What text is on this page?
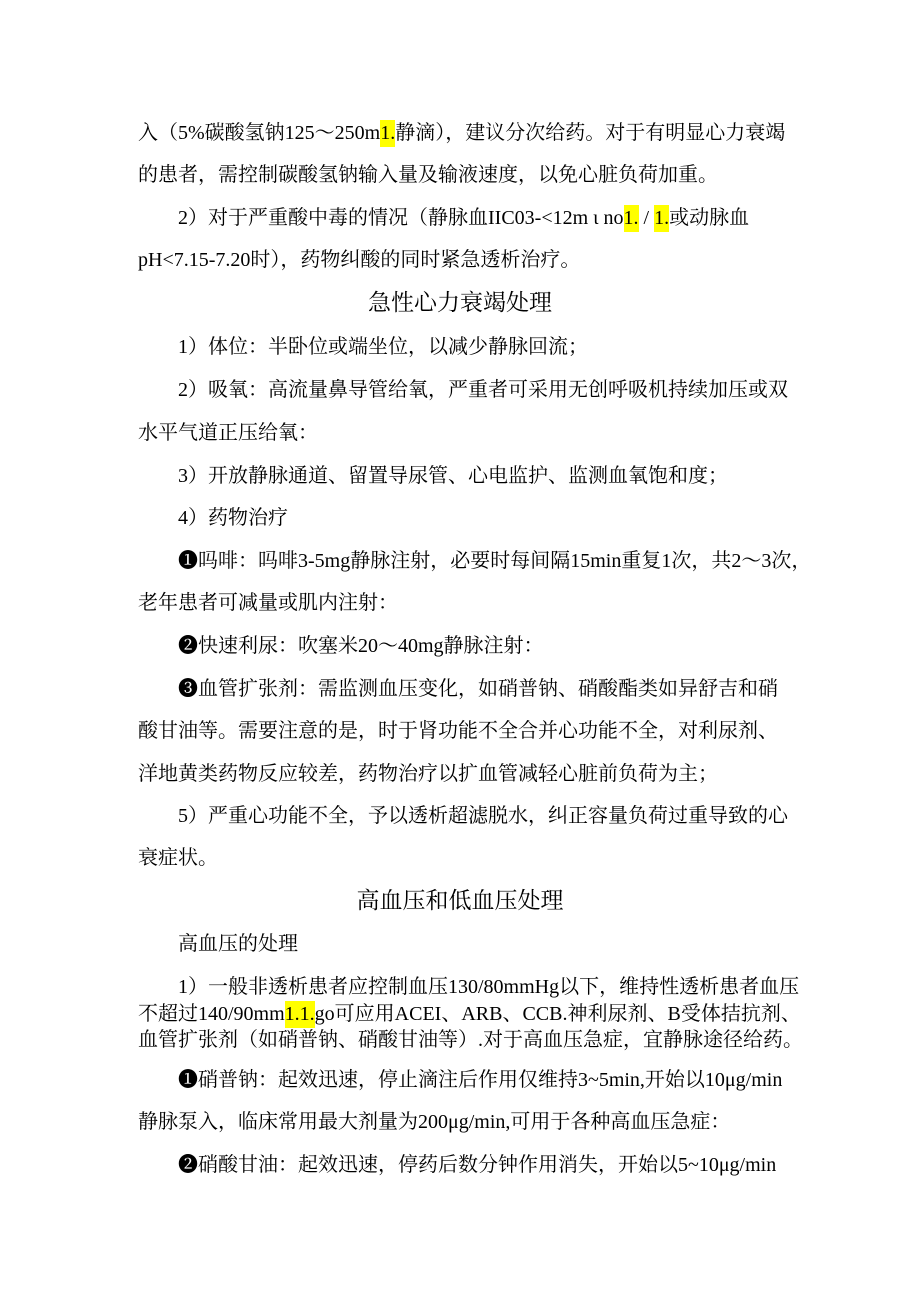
入（5%碳酸氢钠125～250m1.静滴），建议分次给药。对于有明显心力衰竭
的患者，需控制碳酸氢钠输入量及输液速度，以免心脏负荷加重。
2）对于严重酸中毒的情况（静脉血IIC03-<12m ι no1. / 1.或动脉血
pH<7.15-7.20时），药物纠酸的同时紧急透析治疗。
急性心力衰竭处理
1）体位：半卧位或端坐位，以减少静脉回流；
2）吸氧：高流量鼻导管给氧，严重者可采用无创呼吸机持续加压或双
水平气道正压给氧：
3）开放静脉通道、留置导尿管、心电监护、监测血氧饱和度；
4）药物治疗
❶吗啡：吗啡3-5mg静脉注射，必要时每间隔15min重复1次，共2～3次，
老年患者可减量或肌内注射：
❷快速利尿：吹塞米20～40mg静脉注射：
❸血管扩张剂：需监测血压变化，如硝普钠、硝酸酯类如异舒吉和硝
酸甘油等。需要注意的是，时于肾功能不全合并心功能不全，对利尿剂、
洋地黄类药物反应较差，药物治疗以扩血管减轻心脏前负荷为主；
5）严重心功能不全，予以透析超滤脱水，纠正容量负荷过重导致的心
衰症状。
高血压和低血压处理
高血压的处理
1）一般非透析患者应控制血压130/80mmHg以下，维持性透析患者血压
不超过140/90mm1.1.go可应用ACEI、ARB、CCB.神利尿剂、B受体拮抗剂、
血管扩张剂（如硝普钠、硝酸甘油等）.对于高血压急症，宜静脉途径给药。
❶硝普钠：起效迅速，停止滴注后作用仅维持3~5min,开始以10μg/min
静脉泵入，临床常用最大剂量为200μg/min,可用于各种高血压急症：
❷硝酸甘油：起效迅速，停药后数分钟作用消失，开始以5~10μg/min
